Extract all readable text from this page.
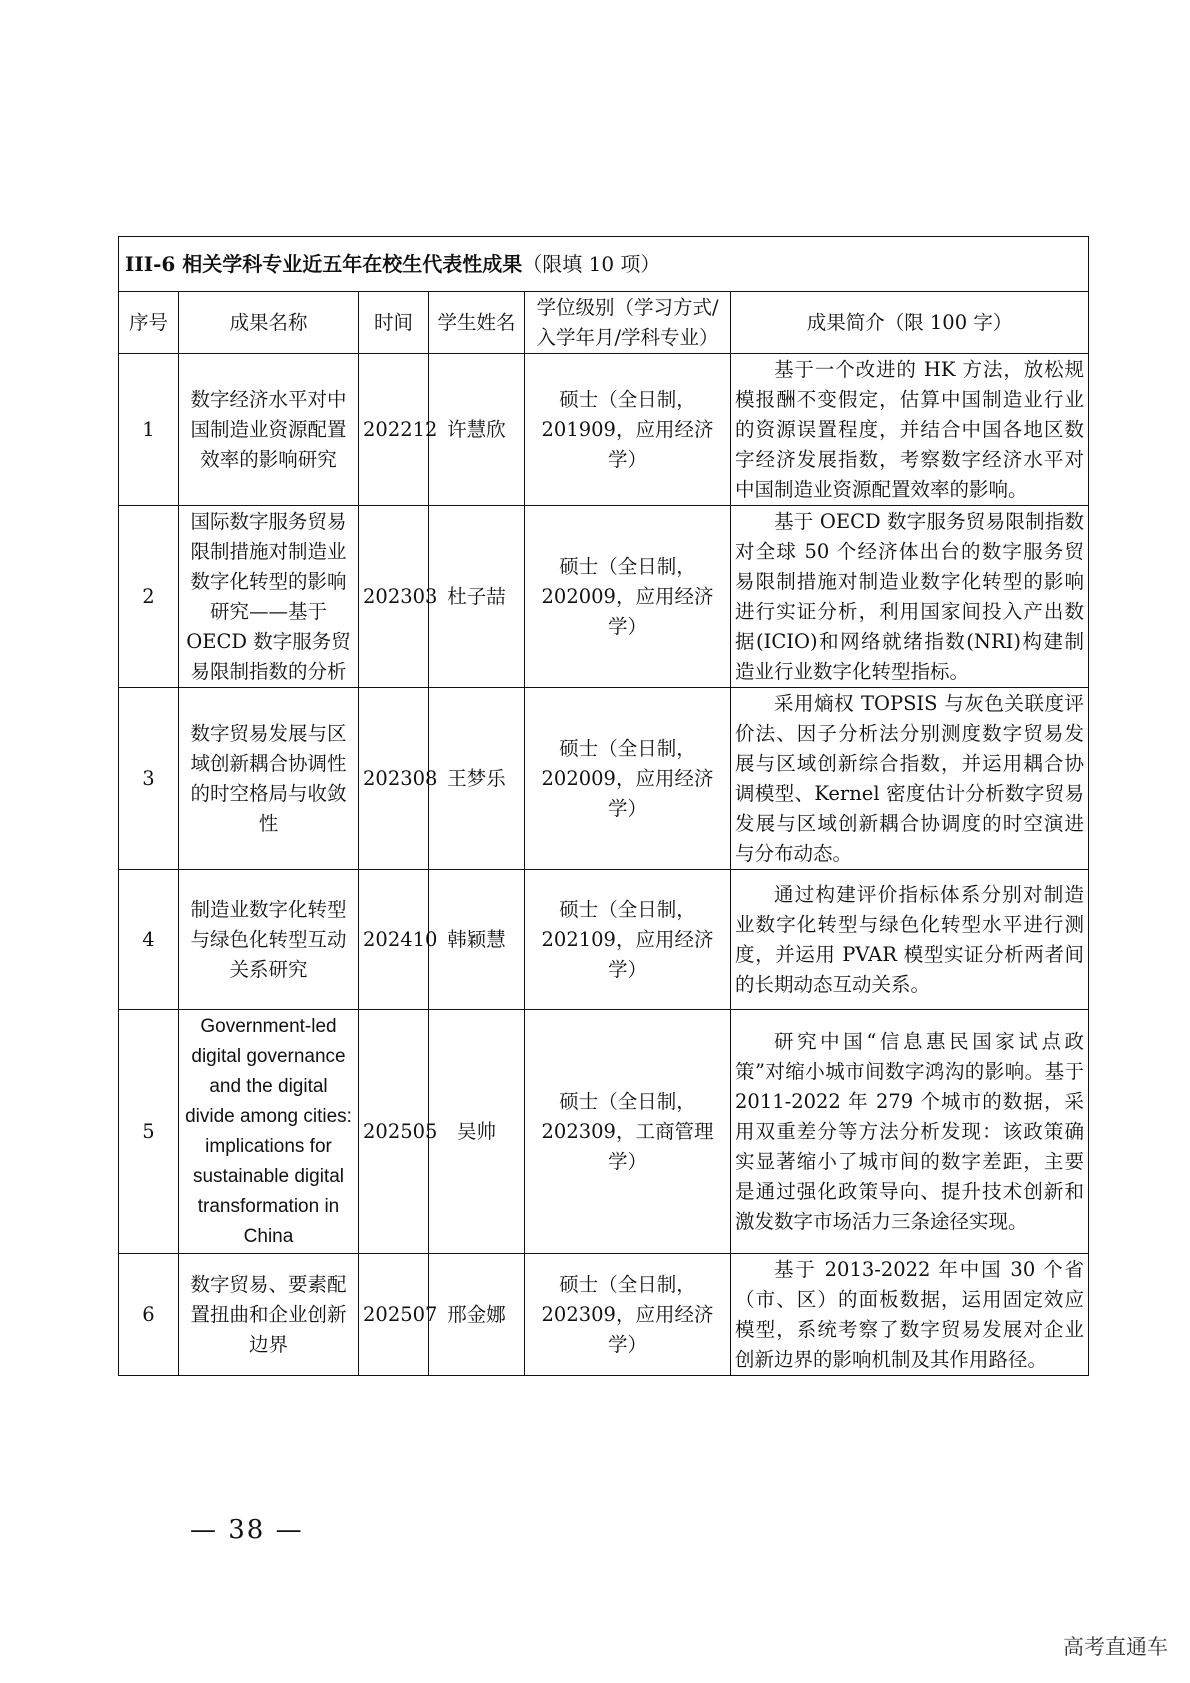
III-6 相关学科专业近五年在校生代表性成果（限填 10 项）					
序号	成果名称	时间	学生姓名	学位级别（学习方式/
入学年月/学科专业）	成果简介（限 100 字）
1	数字经济水平对中国制造业资源配置效率的影响研究	202212	许慧欣	硕士（全日制，
201909，应用经济学）	基于一个改进的 HK 方法，放松规模报酬不变假定，估算中国制造业行业的资源误置程度，并结合中国各地区数字经济发展指数，考察数字经济水平对中国制造业资源配置效率的影响。
2	国际数字服务贸易限制措施对制造业数字化转型的影响研究——基于 OECD 数字服务贸易限制指数的分析	202303	杜子喆	硕士（全日制，
202009，应用经济学）	基于 OECD 数字服务贸易限制指数对全球 50 个经济体出台的数字服务贸易限制措施对制造业数字化转型的影响进行实证分析，利用国家间投入产出数据(ICIO)和网络就绪指数(NRI)构建制造业行业数字化转型指标。
3	数字贸易发展与区域创新耦合协调性的时空格局与收敛性	202308	王梦乐	硕士（全日制，
202009，应用经济学）	采用熵权 TOPSIS 与灰色关联度评价法、因子分析法分别测度数字贸易发展与区域创新综合指数，并运用耦合协调模型、Kernel 密度估计分析数字贸易发展与区域创新耦合协调度的时空演进与分布动态。
4	制造业数字化转型与绿色化转型互动关系研究	202410	韩颖慧	硕士（全日制，
202109，应用经济学）	通过构建评价指标体系分别对制造业数字化转型与绿色化转型水平进行测度，并运用 PVAR 模型实证分析两者间的长期动态互动关系。
5	Government-led digital governance and the digital divide among cities: implications for sustainable digital transformation in China	202505	吴帅	硕士（全日制，
202309，工商管理学）	研究中国“信息惠民国家试点政策”对缩小城市间数字鸿沟的影响。基于 2011-2022 年 279 个城市的数据，采用双重差分等方法分析发现：该政策确实显著缩小了城市间的数字差距，主要是通过强化政策导向、提升技术创新和激发数字市场活力三条途径实现。
6	数字贸易、要素配置扭曲和企业创新边界	202507	邢金娜	硕士（全日制，
202309，应用经济学）	基于 2013-2022 年中国 30 个省（市、区）的面板数据，运用固定效应模型，系统考察了数字贸易发展对企业创新边界的影响机制及其作用路径。
— 38 —
高考直通车
